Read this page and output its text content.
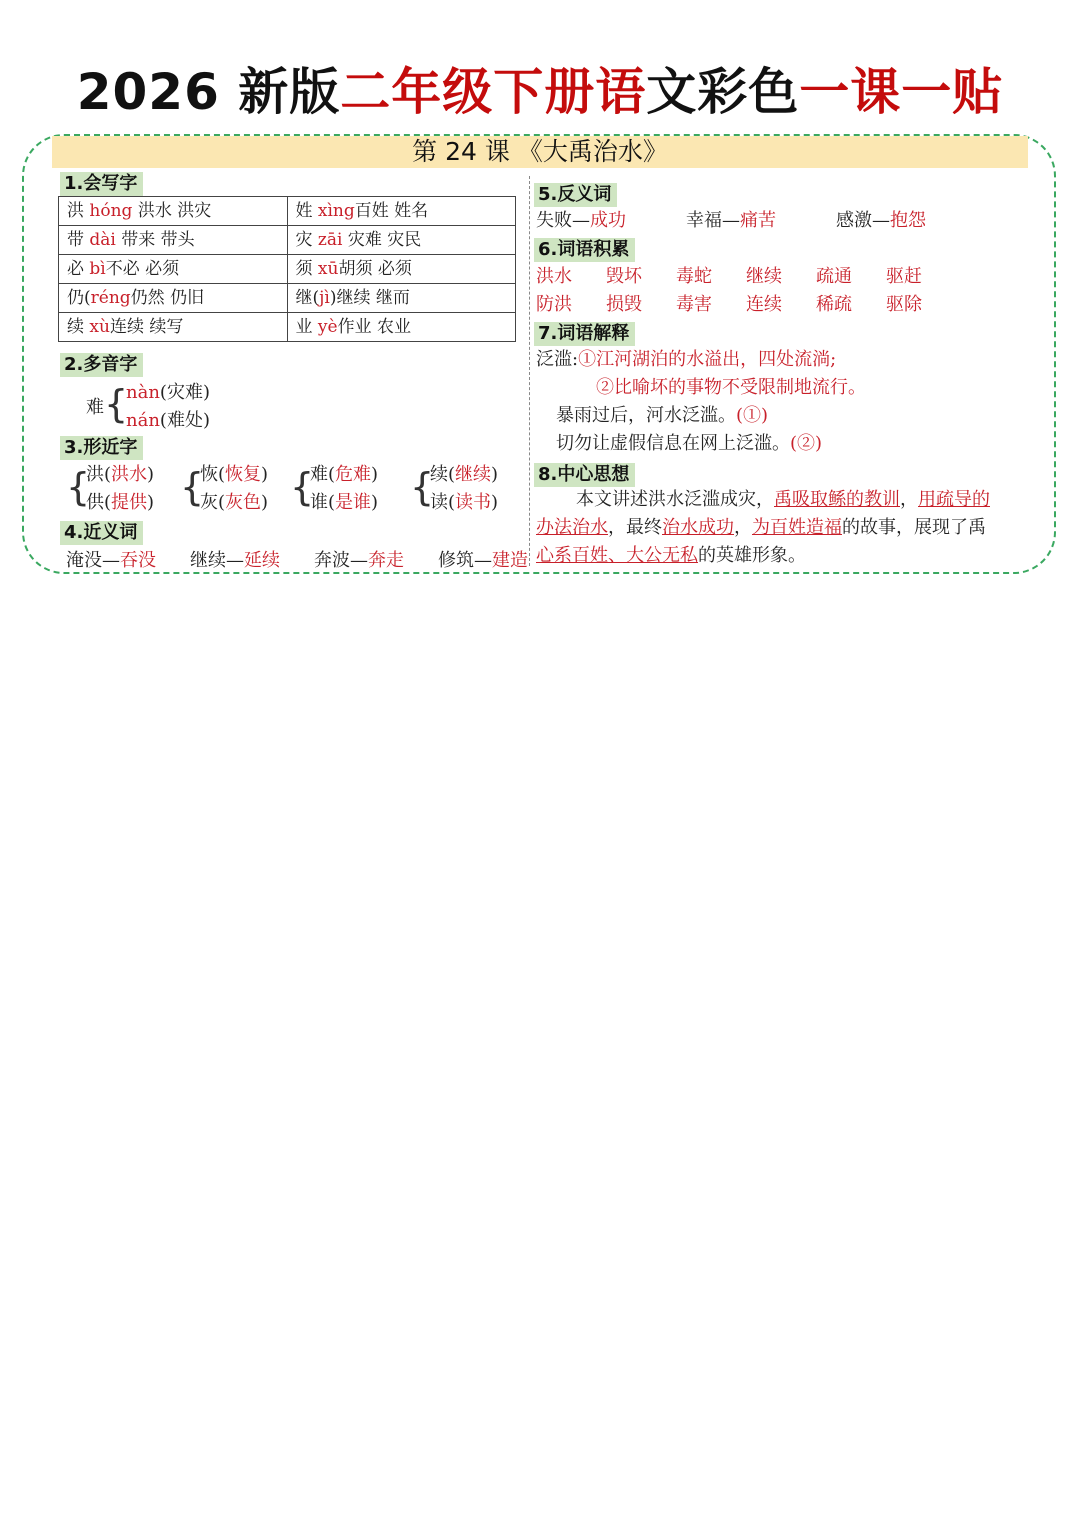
2026 新版二年级下册语文彩色一课一贴
第 24 课 《大禹治水》
1.会写字
洪 hóng 洪水 洪灾	姓 xìng百姓 姓名
带 dài 带来 带头	灾 zāi 灾难 灾民
必 bì不必 必须	须 xū胡须 必须
仍(réng仍然 仍旧	继(jì)继续 继而
续 xù连续 续写	业 yè作业 农业
2.多音字
难 {
nàn(灾难)
nán(难处)
3.形近字
{
洪(洪水)
供(提供) {
恢(恢复)
灰(灰色) {
难(危难)
谁(是谁) {
续(继续)
读(读书)
4.近义词
淹没—吞没 继续—延续 奔波—奔走 修筑—建造
5.反义词
失败—成功	幸福—痛苦	感激—抱怨
6.词语积累
洪水 毁坏 毒蛇 继续 疏通 驱赶
防洪 损毁 毒害 连续 稀疏 驱除
7.词语解释
泛滥:①江河湖泊的水溢出，四处流淌;
②比喻坏的事物不受限制地流行。
暴雨过后，河水泛滥。(①)
切勿让虚假信息在网上泛滥。(②)
8.中心思想
本文讲述洪水泛滥成灾，禹吸取鲧的教训，用疏导的
办法治水，最终治水成功，为百姓造福的故事，展现了禹
心系百姓、大公无私的英雄形象。
